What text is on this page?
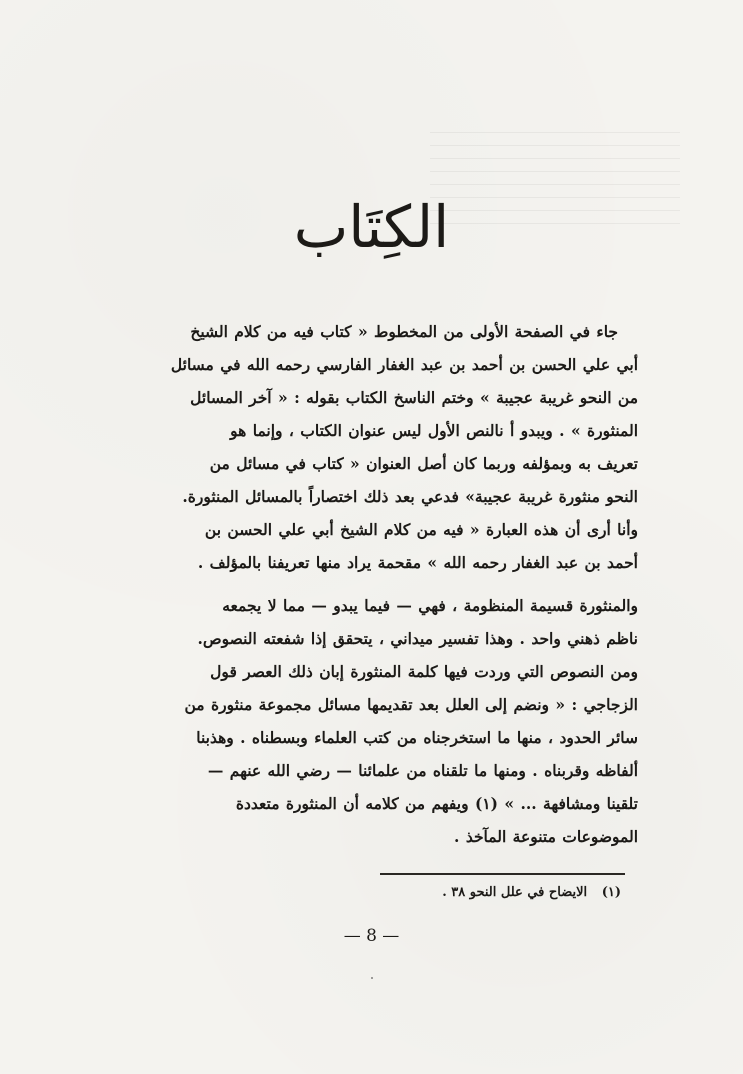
الكِتَاب

جاء في الصفحة الأولى من المخطوط « كتاب فيه من كلام الشيخ
أبي علي الحسن بن أحمد بن عبد الغفار الفارسي رحمه الله في مسائل
من النحو غريبة عجيبة » وختم الناسخ الكتاب بقوله : « آخر المسائل
المنثورة » . ويبدو أ نالنص الأول ليس عنوان الكتاب ، وإنما هو
تعريف به وبمؤلفه وربما كان أصل العنوان « كتاب في مسائل من
النحو منثورة غريبة عجيبة» فدعي بعد ذلك اختصاراً بالمسائل المنثورة.
وأنا أرى أن هذه العبارة « فيه من كلام الشيخ أبي علي الحسن بن
أحمد بن عبد الغفار رحمه الله » مقحمة يراد منها تعريفنا بالمؤلف .

والمنثورة قسيمة المنظومة ، فهي — فيما يبدو — مما لا يجمعه
ناظم ذهني واحد . وهذا تفسير ميداني ، يتحقق إذا شفعته النصوص.
ومن النصوص التي وردت فيها كلمة المنثورة إبان ذلك العصر قول
الزجاجي : « ونضم إلى العلل بعد تقديمها مسائل مجموعة منثورة من
سائر الحدود ، منها ما استخرجناه من كتب العلماء وبسطناه . وهذبنا
ألفاظه وقربناه . ومنها ما تلقناه من علمائنا — رضي الله عنهم —
تلقينا ومشافهة ... » (١) ويفهم من كلامه أن المنثورة متعددة
الموضوعات متنوعة المآخذ .

(١) الايضاح في علل النحو ٣٨ .
— 8 —
